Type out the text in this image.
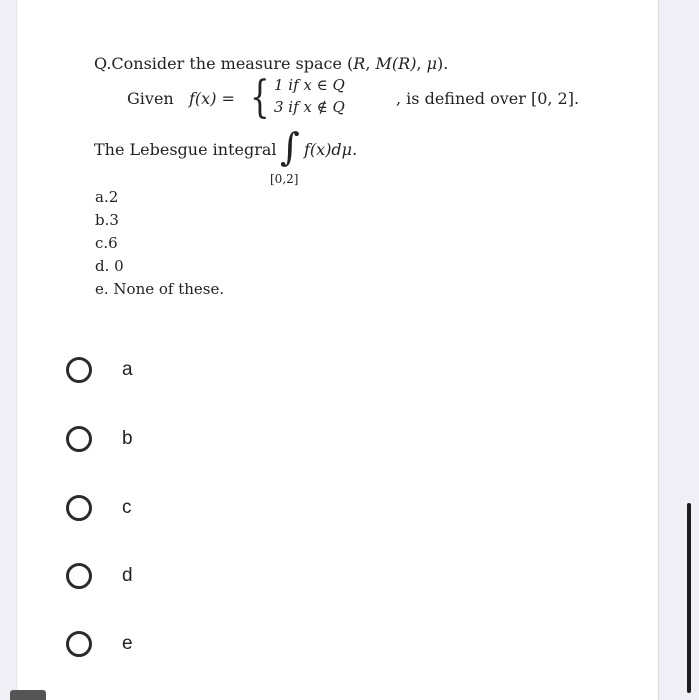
Q.Consider the measure space (R, M(R), μ).
Given f(x) = { 1 if x ∈ Q
3 if x ∉ Q	, is defined over [0, 2].
The Lebesgue integral ∫ f(x)dμ.
[0,2]
a.2
b.3
c.6
d. 0
e. None of these.
a
b
c
d
e
